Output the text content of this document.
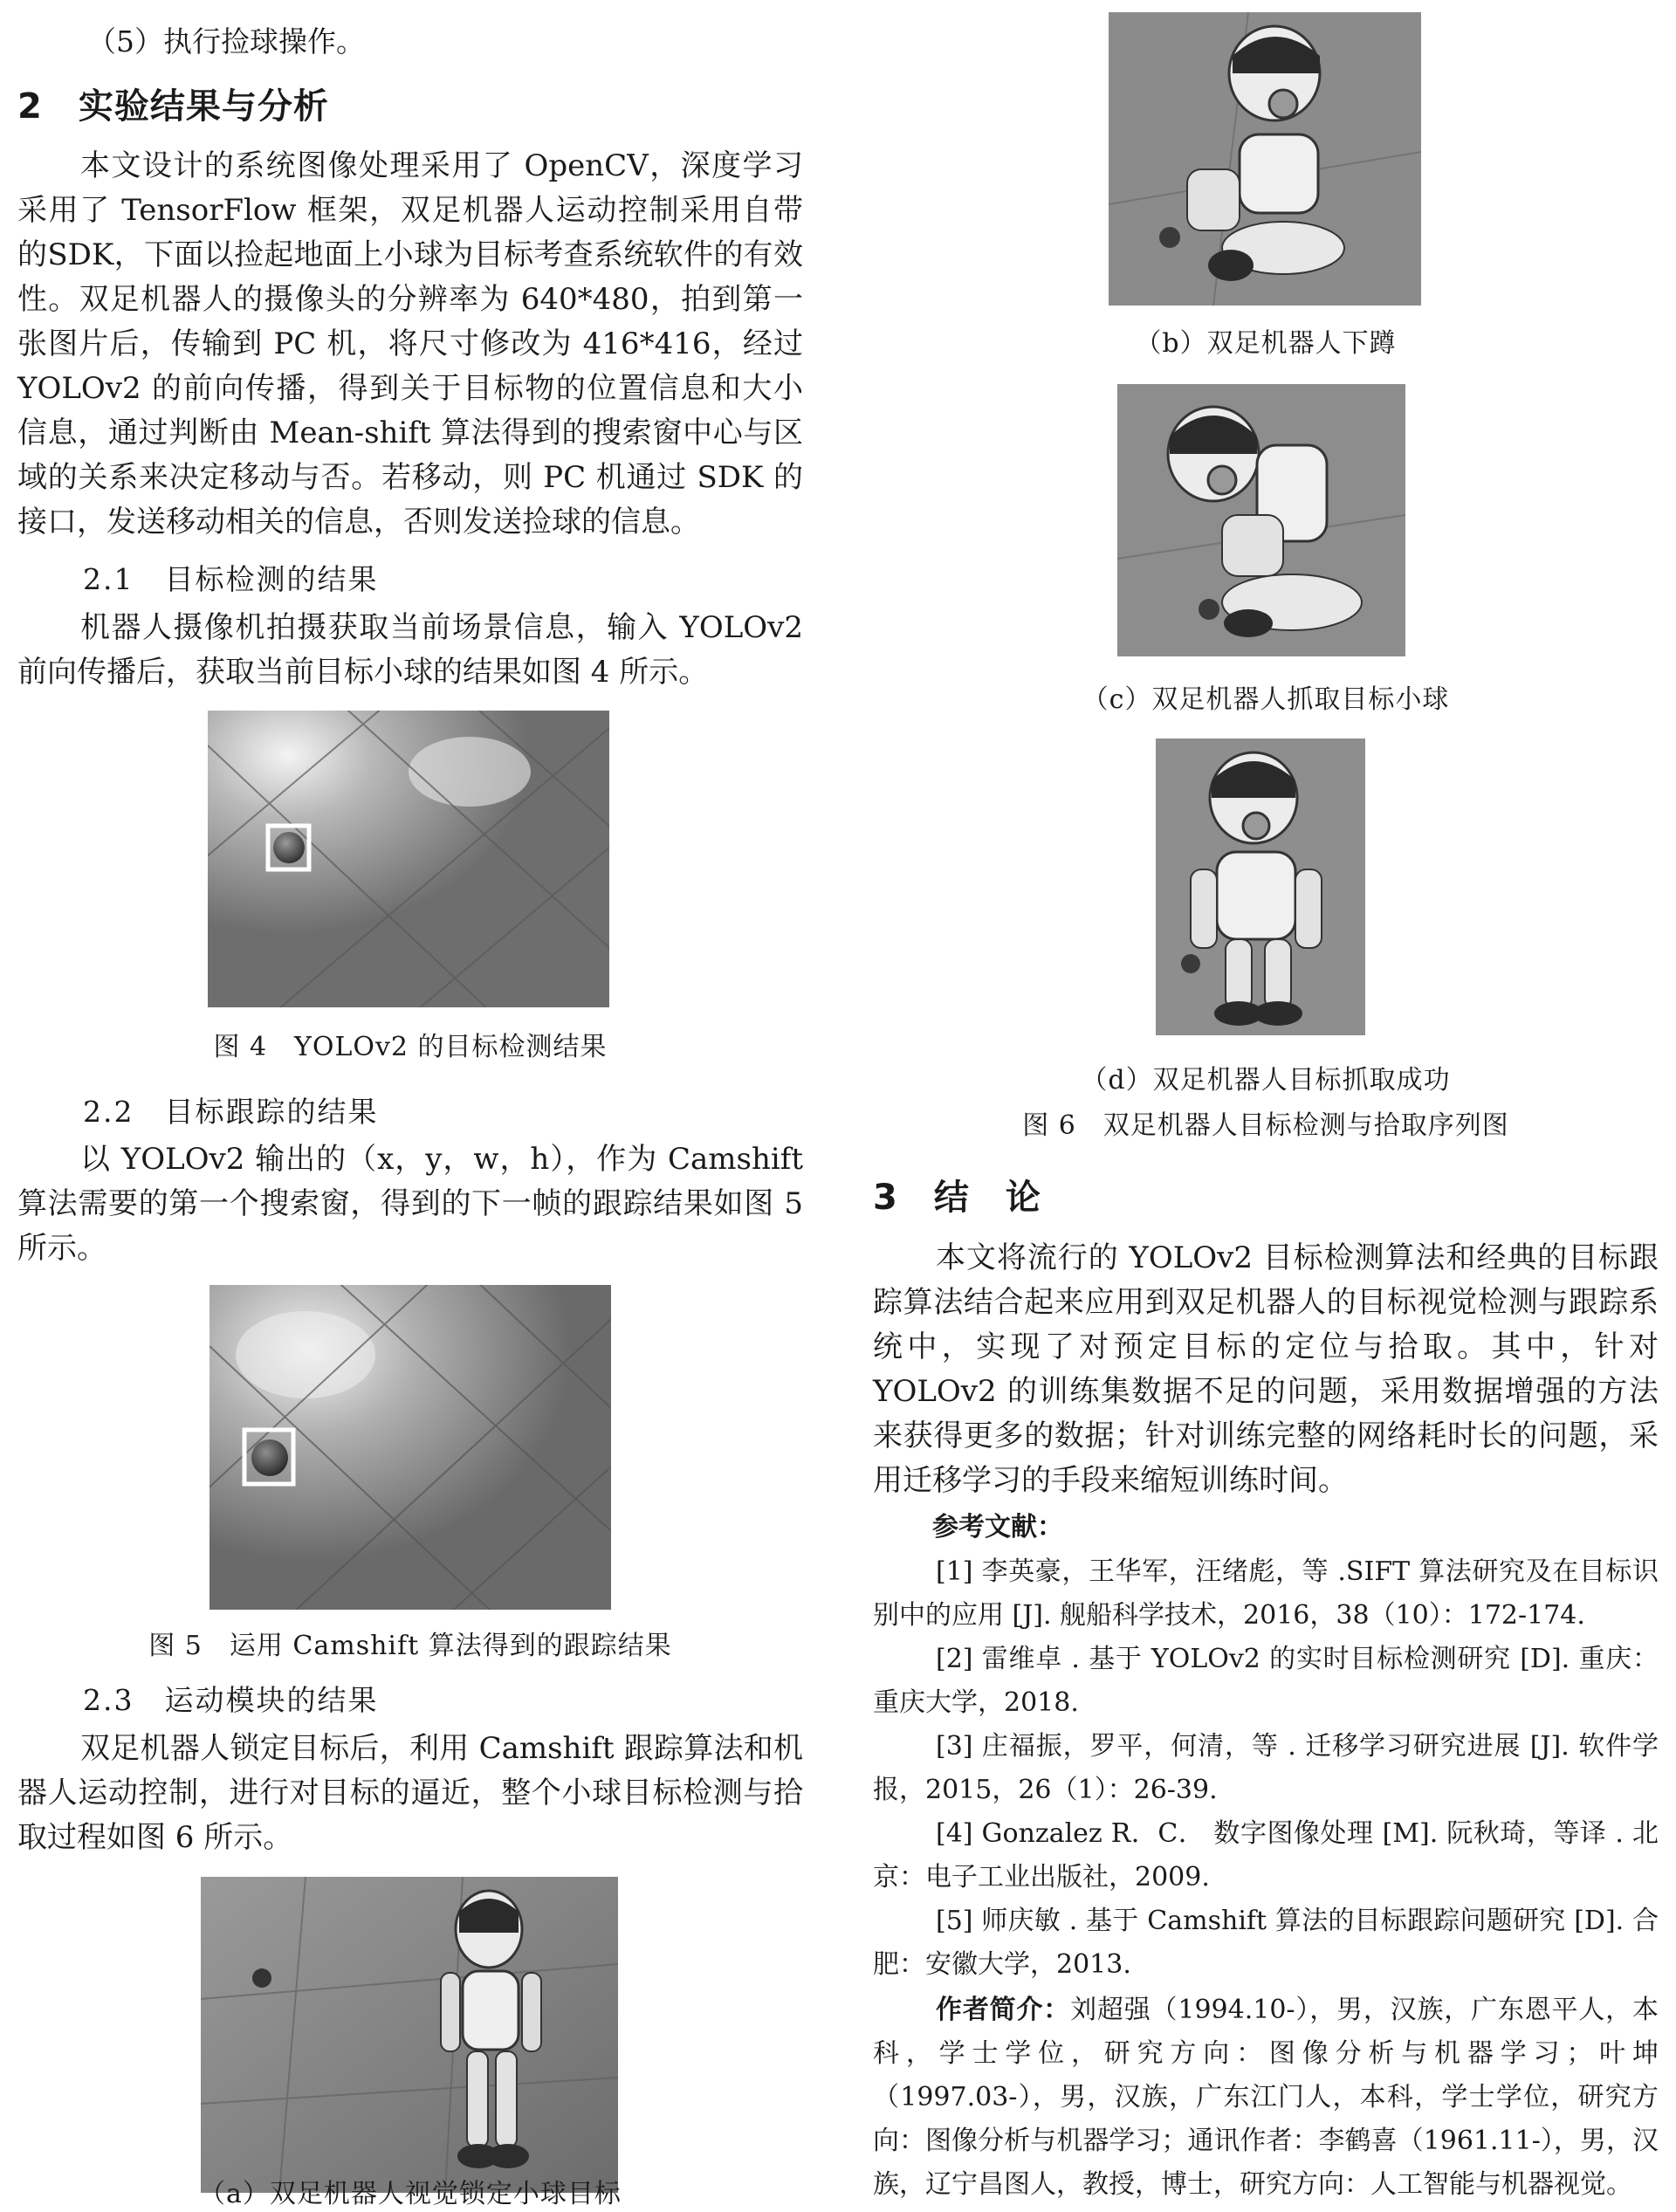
（5）执行捡球操作。
2　实验结果与分析

本文设计的系统图像处理采用了 OpenCV，深度学习采用了 TensorFlow 框架，双足机器人运动控制采用自带的SDK，下面以捡起地面上小球为目标考查系统软件的有效性。双足机器人的摄像头的分辨率为 640*480，拍到第一张图片后，传输到 PC 机，将尺寸修改为 416*416，经过 YOLOv2 的前向传播，得到关于目标物的位置信息和大小信息，通过判断由 Mean-shift 算法得到的搜索窗中心与区域的关系来决定移动与否。若移动，则 PC 机通过 SDK 的接口，发送移动相关的信息，否则发送捡球的信息。

2.1　目标检测的结果

机器人摄像机拍摄获取当前场景信息，输入 YOLOv2 前向传播后，获取当前目标小球的结果如图 4 所示。

图 4　YOLOv2 的目标检测结果
2.2　目标跟踪的结果

以 YOLOv2 输出的（x，y，w，h），作为 Camshift 算法需要的第一个搜索窗，得到的下一帧的跟踪结果如图 5 所示。

图 5　运用 Camshift 算法得到的跟踪结果
2.3　运动模块的结果

双足机器人锁定目标后，利用 Camshift 跟踪算法和机器人运动控制，进行对目标的逼近，整个小球目标检测与拾取过程如图 6 所示。

（a）双足机器人视觉锁定小球目标
（b）双足机器人下蹲
（c）双足机器人抓取目标小球
（d）双足机器人目标抓取成功
图 6　双足机器人目标检测与拾取序列图
3　结　论

本文将流行的 YOLOv2 目标检测算法和经典的目标跟踪算法结合起来应用到双足机器人的目标视觉检测与跟踪系统中，实现了对预定目标的定位与拾取。其中，针对 YOLOv2 的训练集数据不足的问题，采用数据增强的方法来获得更多的数据；针对训练完整的网络耗时长的问题，采用迁移学习的手段来缩短训练时间。

参考文献：

[1] 李英豪，王华军，汪绪彪，等 .SIFT 算法研究及在目标识别中的应用 [J]. 舰船科学技术，2016，38（10）：172-174.

[2] 雷维卓 . 基于 YOLOv2 的实时目标检测研究 [D]. 重庆：重庆大学，2018.

[3] 庄福振，罗平，何清，等 . 迁移学习研究进展 [J]. 软件学报，2015，26（1）：26-39.

[4] Gonzalez R．C． 数字图像处理 [M]. 阮秋琦，等译 . 北京：电子工业出版社，2009.

[5] 师庆敏 . 基于 Camshift 算法的目标跟踪问题研究 [D]. 合肥：安徽大学，2013.

作者简介：刘超强（1994.10-），男，汉族，广东恩平人，本科，学士学位，研究方向：图像分析与机器学习；叶坤（1997.03-），男，汉族，广东江门人，本科，学士学位，研究方向：图像分析与机器学习；通讯作者：李鹤喜（1961.11-），男，汉族，辽宁昌图人，教授，博士，研究方向：人工智能与机器视觉。
